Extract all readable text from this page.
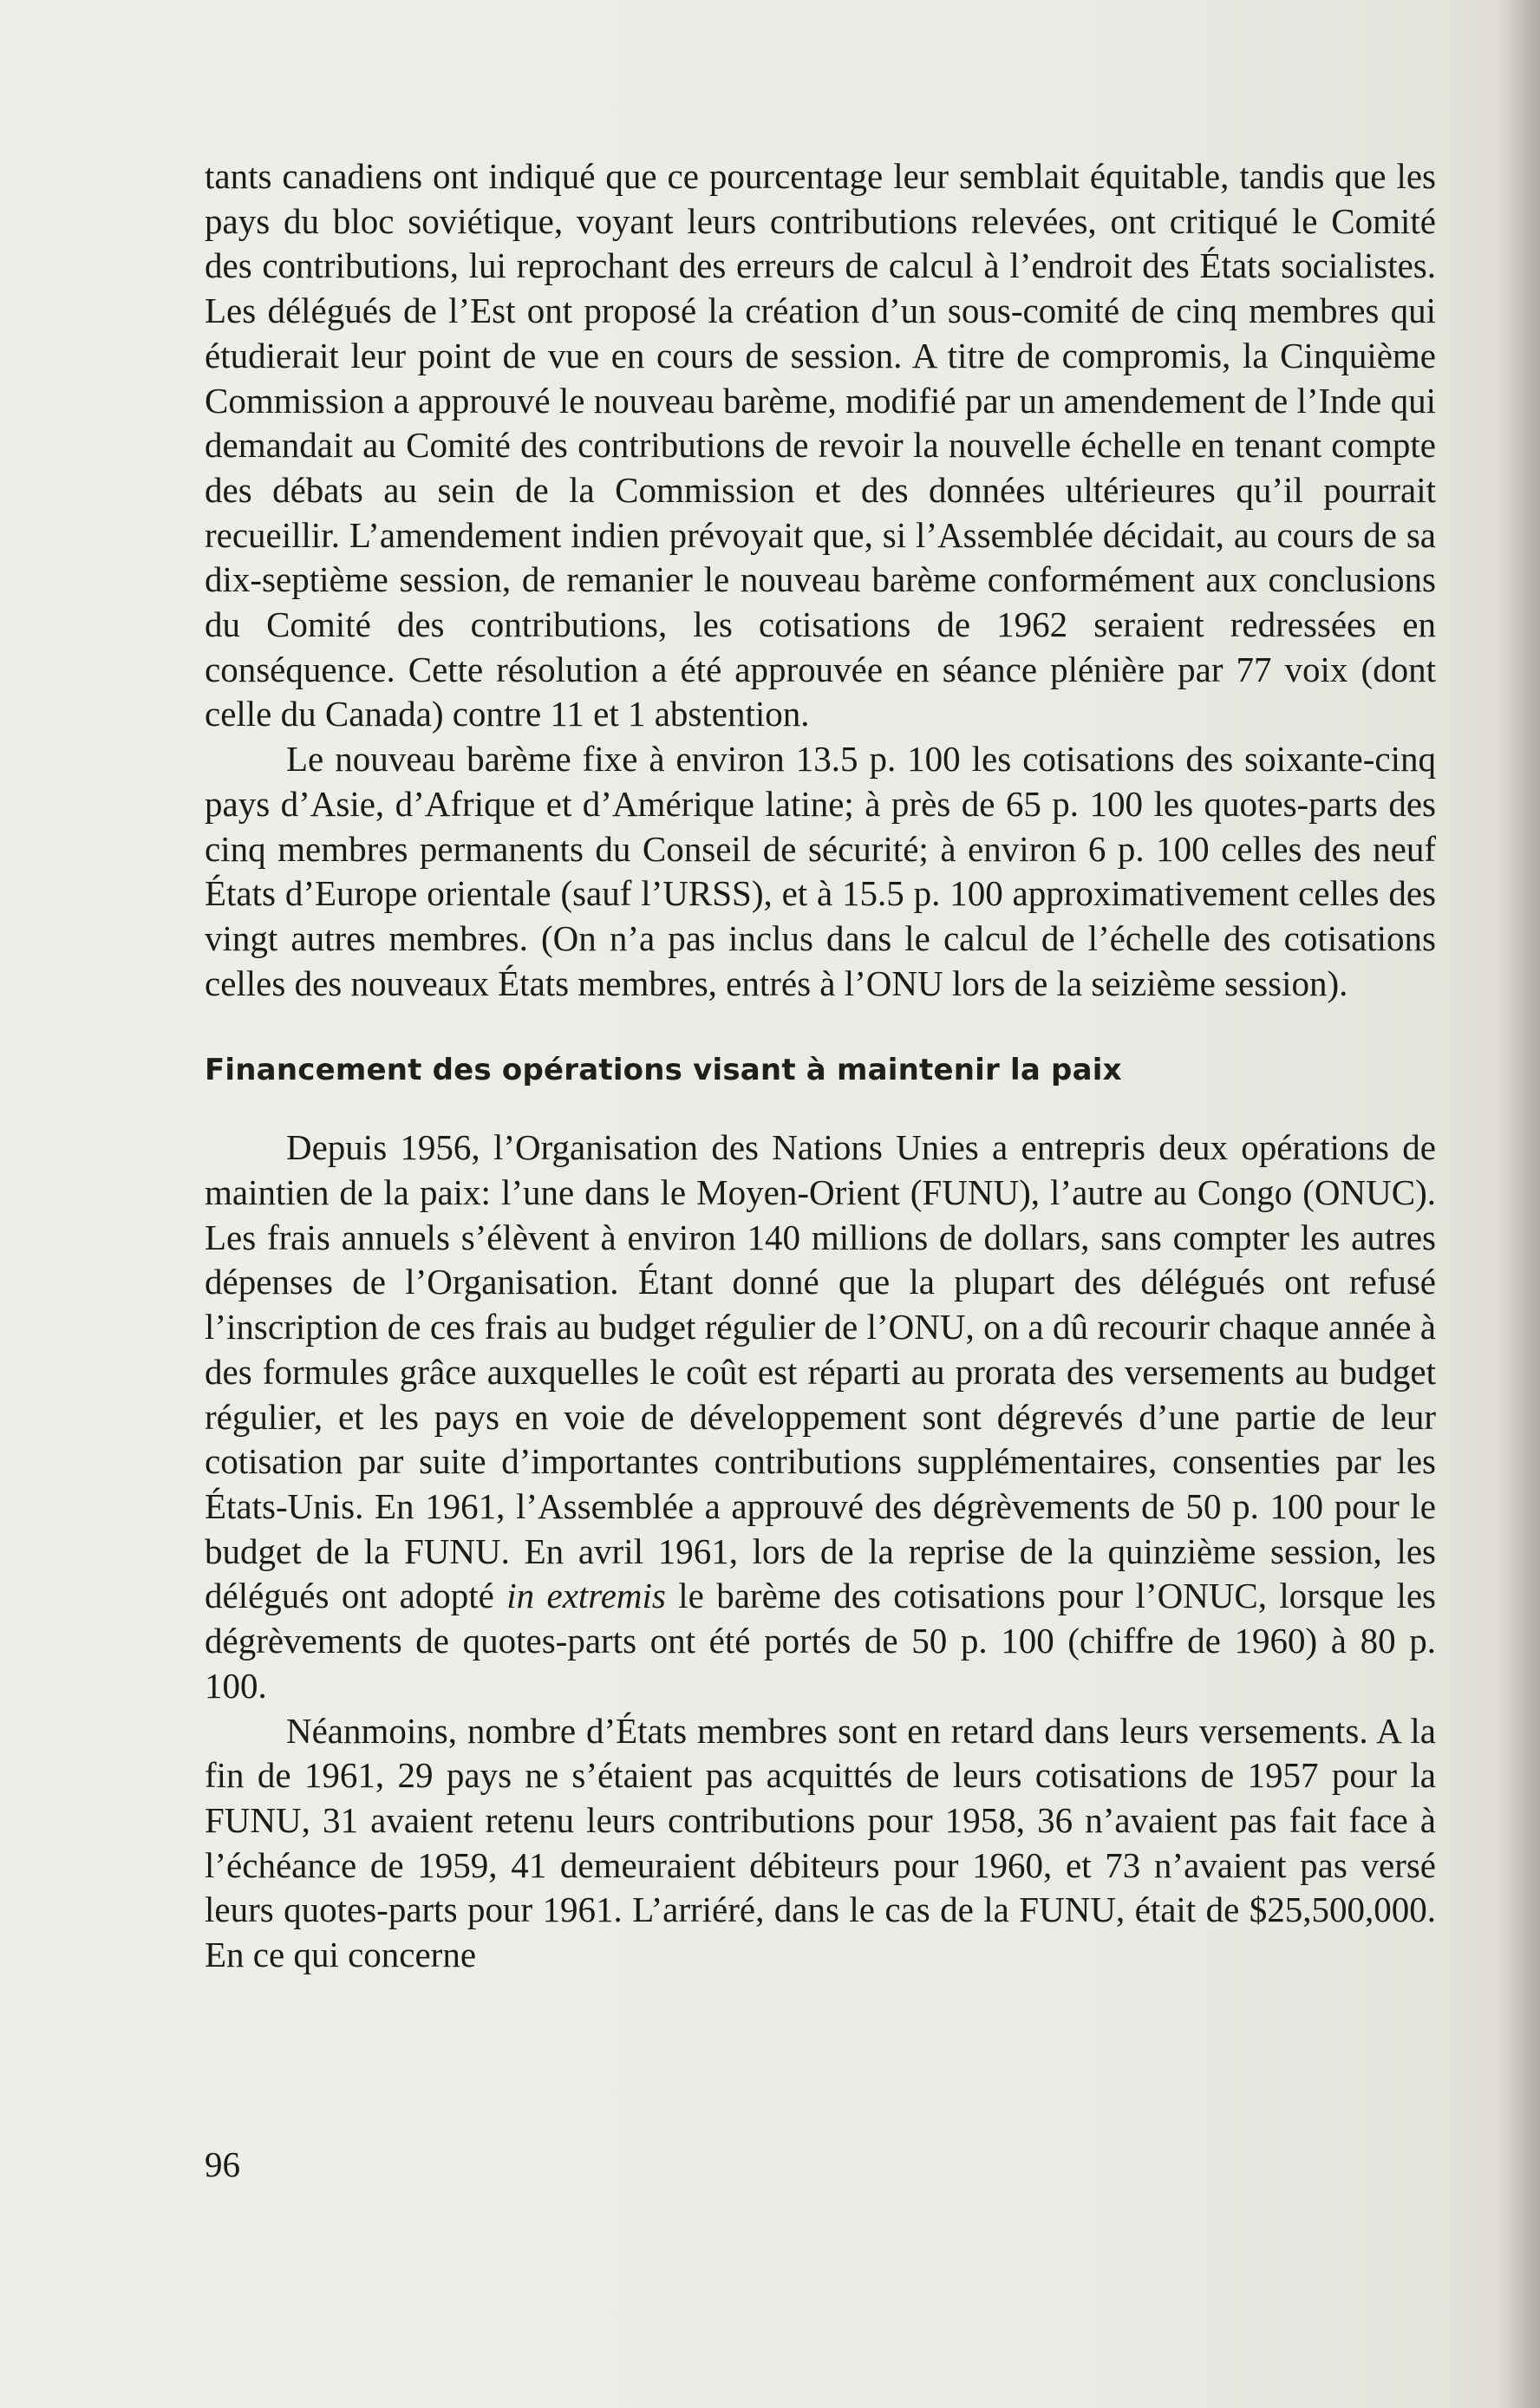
tants canadiens ont indiqué que ce pourcentage leur semblait équitable, tandis que les pays du bloc soviétique, voyant leurs contributions relevées, ont critiqué le Comité des contributions, lui reprochant des erreurs de calcul à l’endroit des États socialistes. Les délégués de l’Est ont proposé la création d’un sous-comité de cinq membres qui étudierait leur point de vue en cours de session. A titre de compromis, la Cinquième Commission a approuvé le nouveau barème, modifié par un amendement de l’Inde qui demandait au Comité des contributions de revoir la nouvelle échelle en tenant compte des débats au sein de la Commission et des données ultérieures qu’il pourrait recueillir. L’amendement indien prévoyait que, si l’Assemblée décidait, au cours de sa dix-septième session, de remanier le nouveau barème conformément aux conclusions du Comité des contributions, les cotisations de 1962 seraient redressées en conséquence. Cette résolution a été approuvée en séance plénière par 77 voix (dont celle du Canada) contre 11 et 1 abstention.

Le nouveau barème fixe à environ 13.5 p. 100 les cotisations des soixante-cinq pays d’Asie, d’Afrique et d’Amérique latine; à près de 65 p. 100 les quotes-parts des cinq membres permanents du Conseil de sécurité; à environ 6 p. 100 celles des neuf États d’Europe orientale (sauf l’URSS), et à 15.5 p. 100 approximativement celles des vingt autres membres. (On n’a pas inclus dans le calcul de l’échelle des cotisations celles des nouveaux États membres, entrés à l’ONU lors de la seizième session).

Financement des opérations visant à maintenir la paix

Depuis 1956, l’Organisation des Nations Unies a entrepris deux opérations de maintien de la paix: l’une dans le Moyen-Orient (FUNU), l’autre au Congo (ONUC). Les frais annuels s’élèvent à environ 140 millions de dollars, sans compter les autres dépenses de l’Organisation. Étant donné que la plupart des délégués ont refusé l’inscription de ces frais au budget régulier de l’ONU, on a dû recourir chaque année à des formules grâce auxquelles le coût est réparti au prorata des versements au budget régulier, et les pays en voie de développement sont dégrevés d’une partie de leur cotisation par suite d’importantes contributions supplémentaires, consenties par les États-Unis. En 1961, l’Assemblée a approuvé des dégrèvements de 50 p. 100 pour le budget de la FUNU. En avril 1961, lors de la reprise de la quinzième session, les délégués ont adopté in extremis le barème des cotisations pour l’ONUC, lorsque les dégrèvements de quotes-parts ont été portés de 50 p. 100 (chiffre de 1960) à 80 p. 100.

Néanmoins, nombre d’États membres sont en retard dans leurs versements. A la fin de 1961, 29 pays ne s’étaient pas acquittés de leurs cotisations de 1957 pour la FUNU, 31 avaient retenu leurs contributions pour 1958, 36 n’avaient pas fait face à l’échéance de 1959, 41 demeuraient débiteurs pour 1960, et 73 n’avaient pas versé leurs quotes-parts pour 1961. L’arriéré, dans le cas de la FUNU, était de $25,500,000. En ce qui concerne

96
